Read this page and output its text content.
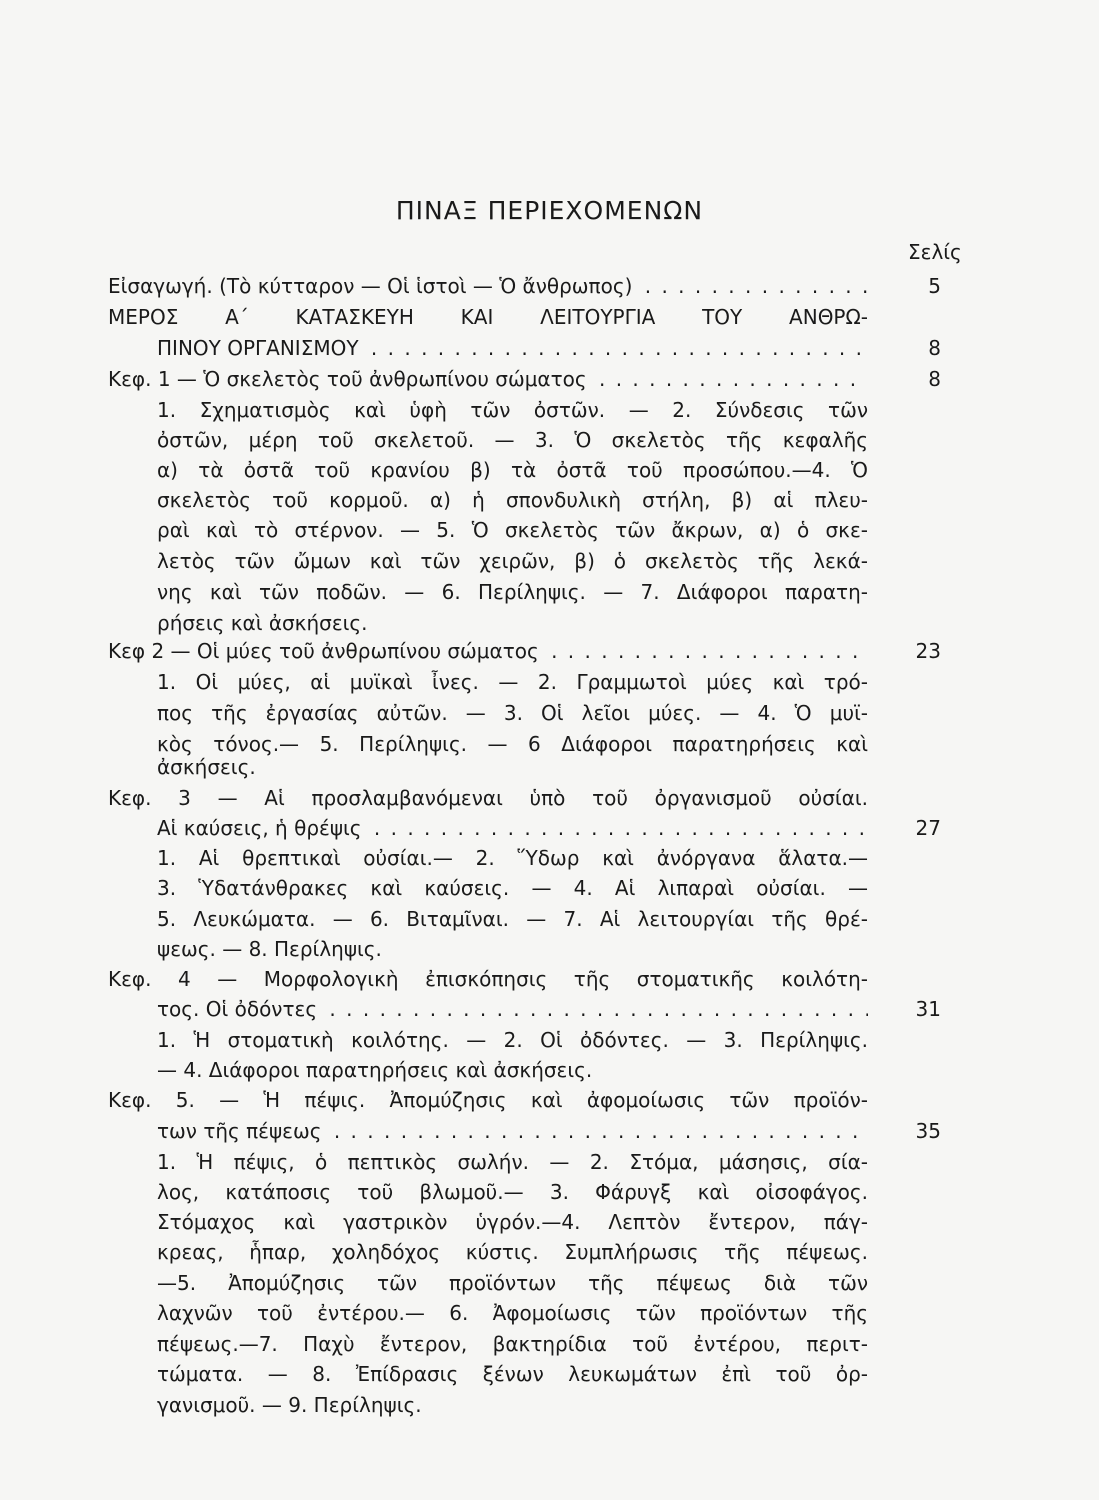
ΠΙΝΑΞ ΠΕΡΙΕΧΟΜΕΝΩΝ
Σελίς
Εἰσαγωγή. (Τὸ κύτταρον — Οἱ ἱστοὶ — Ὁ ἄνθρωπος) . . .	5
ΜΕΡΟΣ Α΄ ΚΑΤΑΣΚΕΥΗ ΚΑΙ ΛΕΙΤΟΥΡΓΙΑ ΤΟΥ ΑΝΘΡΩ-
ΠΙΝΟΥ ΟΡΓΑΝΙΣΜΟΥ . . .	8
Κεφ. 1 — Ὁ σκελετὸς τοῦ ἀνθρωπίνου σώματος . . .	8
1. Σχηματισμὸς καὶ ὑφὴ τῶν ὀστῶν. — 2. Σύνδεσις τῶν
ὀστῶν, μέρη τοῦ σκελετοῦ. — 3. Ὁ σκελετὸς τῆς κεφαλῆς
α) τὰ ὀστᾶ τοῦ κρανίου β) τὰ ὀστᾶ τοῦ προσώπου.—4. Ὁ
σκελετὸς τοῦ κορμοῦ. α) ἡ σπονδυλικὴ στήλη, β) αἱ πλευ-
ραὶ καὶ τὸ στέρνον. — 5. Ὁ σκελετὸς τῶν ἄκρων, α) ὁ σκε-
λετὸς τῶν ὤμων καὶ τῶν χειρῶν, β) ὁ σκελετὸς τῆς λεκά-
νης καὶ τῶν ποδῶν. — 6. Περίληψις. — 7. Διάφοροι παρατη-
ρήσεις καὶ ἀσκήσεις.
Κεφ 2 — Οἱ μύες τοῦ ἀνθρωπίνου σώματος . . .	23
1. Οἱ μύες, αἱ μυϊκαὶ ἶνες. — 2. Γραμμωτοὶ μύες καὶ τρό-
πος τῆς ἐργασίας αὐτῶν. — 3. Οἱ λεῖοι μύες. — 4. Ὁ μυϊ-
κὸς τόνος.— 5. Περίληψις. — 6 Διάφοροι παρατηρήσεις καὶ
ἀσκήσεις.
Κεφ. 3 — Αἱ προσλαμβανόμεναι ὑπὸ τοῦ ὀργανισμοῦ οὐσίαι.
Αἱ καύσεις, ἡ θρέψις . . .	27
1. Αἱ θρεπτικαὶ οὐσίαι.— 2. Ὕδωρ καὶ ἀνόργανα ἅλατα.—
3. Ὑδατάνθρακες καὶ καύσεις. — 4. Αἱ λιπαραὶ οὐσίαι. —
5. Λευκώματα. — 6. Βιταμῖναι. — 7. Αἱ λειτουργίαι τῆς θρέ-
ψεως. — 8. Περίληψις.
Κεφ. 4 — Μορφολογικὴ ἐπισκόπησις τῆς στοματικῆς κοιλότη-
τος. Οἱ ὀδόντες . . .	31
1. Ἡ στοματικὴ κοιλότης. — 2. Οἱ ὀδόντες. — 3. Περίληψις.
— 4. Διάφοροι παρατηρήσεις καὶ ἀσκήσεις.
Κεφ. 5. — Ἡ πέψις. Ἀπομύζησις καὶ ἀφομοίωσις τῶν προϊόν-
των τῆς πέψεως . . .	35
1. Ἡ πέψις, ὁ πεπτικὸς σωλήν. — 2. Στόμα, μάσησις, σία-
λος, κατάποσις τοῦ βλωμοῦ.— 3. Φάρυγξ καὶ οἰσοφάγος.
Στόμαχος καὶ γαστρικὸν ὑγρόν.—4. Λεπτὸν ἔντερον, πάγ-
κρεας, ἧπαρ, χοληδόχος κύστις. Συμπλήρωσις τῆς πέψεως.
—5. Ἀπομύζησις τῶν προϊόντων τῆς πέψεως διὰ τῶν
λαχνῶν τοῦ ἐντέρου.— 6. Ἀφομοίωσις τῶν προϊόντων τῆς
πέψεως.—7. Παχὺ ἔντερον, βακτηρίδια τοῦ ἐντέρου, περιτ-
τώματα. — 8. Ἐπίδρασις ξένων λευκωμάτων ἐπὶ τοῦ ὀρ-
γανισμοῦ. — 9. Περίληψις.
